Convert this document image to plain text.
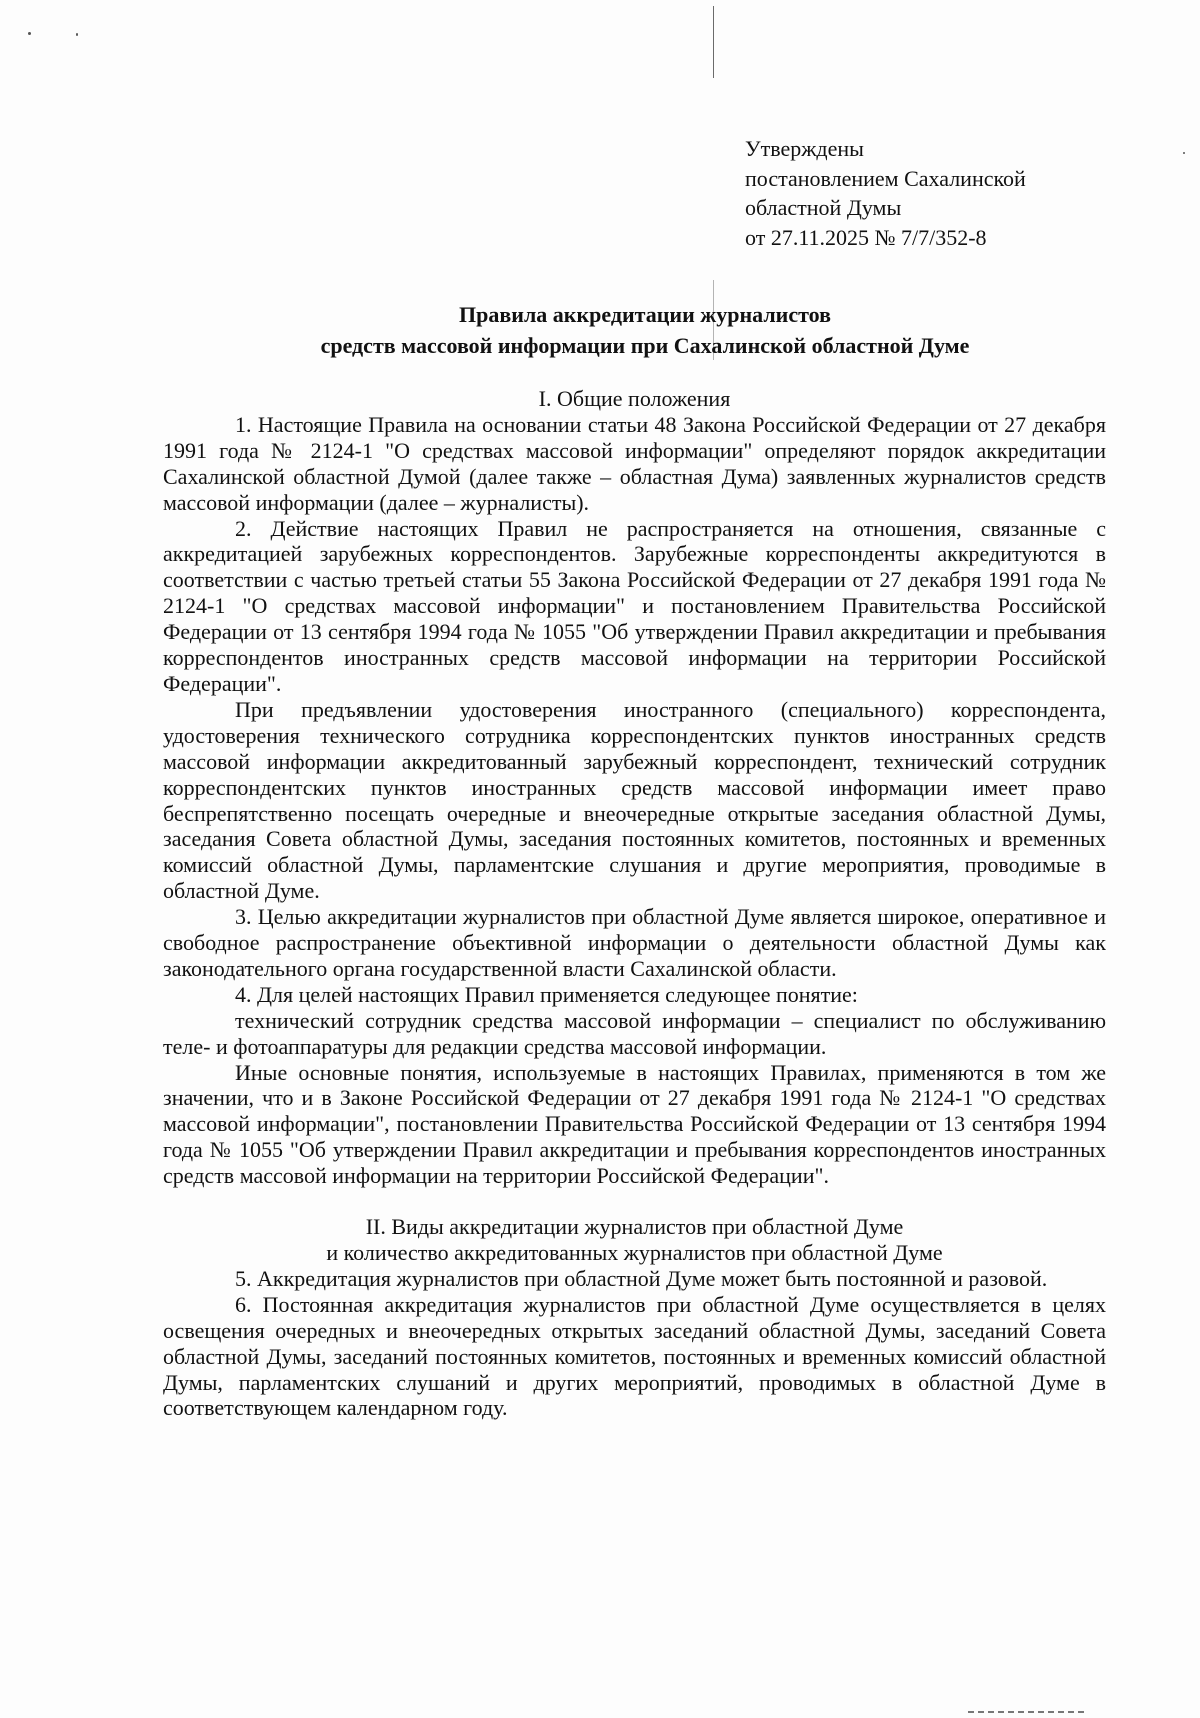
Утверждены
постановлением Сахалинской
областной Думы
от 27.11.2025 № 7/7/352-8
Правила аккредитации журналистов
средств массовой информации при Сахалинской областной Думе
I. Общие положения

1. Настоящие Правила на основании статьи 48 Закона Российской Федерации от 27 декабря 1991 года № 2124-1 "О средствах массовой информации" определяют порядок аккредитации Сахалинской областной Думой (далее также – областная Дума) заявленных журналистов средств массовой информации (далее – журналисты).

2. Действие настоящих Правил не распространяется на отношения, связанные с аккредитацией зарубежных корреспондентов. Зарубежные корреспонденты аккредитуются в соответствии с частью третьей статьи 55 Закона Российской Федерации от 27 декабря 1991 года № 2124-1 "О средствах массовой информации" и постановлением Правительства Российской Федерации от 13 сентября 1994 года № 1055 "Об утверждении Правил аккредитации и пребывания корреспондентов иностранных средств массовой информации на территории Российской Федерации".

При предъявлении удостоверения иностранного (специального) корреспондента, удостоверения технического сотрудника корреспондентских пунктов иностранных средств массовой информации аккредитованный зарубежный корреспондент, технический сотрудник корреспондентских пунктов иностранных средств массовой информации имеет право беспрепятственно посещать очередные и внеочередные открытые заседания областной Думы, заседания Совета областной Думы, заседания постоянных комитетов, постоянных и временных комиссий областной Думы, парламентские слушания и другие мероприятия, проводимые в областной Думе.

3. Целью аккредитации журналистов при областной Думе является широкое, оперативное и свободное распространение объективной информации о деятельности областной Думы как законодательного органа государственной власти Сахалинской области.

4. Для целей настоящих Правил применяется следующее понятие:

технический сотрудник средства массовой информации – специалист по обслуживанию теле- и фотоаппаратуры для редакции средства массовой информации.

Иные основные понятия, используемые в настоящих Правилах, применяются в том же значении, что и в Законе Российской Федерации от 27 декабря 1991 года № 2124-1 "О средствах массовой информации", постановлении Правительства Российской Федерации от 13 сентября 1994 года № 1055 "Об утверждении Правил аккредитации и пребывания корреспондентов иностранных средств массовой информации на территории Российской Федерации".

II. Виды аккредитации журналистов при областной Думе
и количество аккредитованных журналистов при областной Думе

5. Аккредитация журналистов при областной Думе может быть постоянной и разовой.

6. Постоянная аккредитация журналистов при областной Думе осуществляется в целях освещения очередных и внеочередных открытых заседаний областной Думы, заседаний Совета областной Думы, заседаний постоянных комитетов, постоянных и временных комиссий областной Думы, парламентских слушаний и других мероприятий, проводимых в областной Думе в соответствующем календарном году.
